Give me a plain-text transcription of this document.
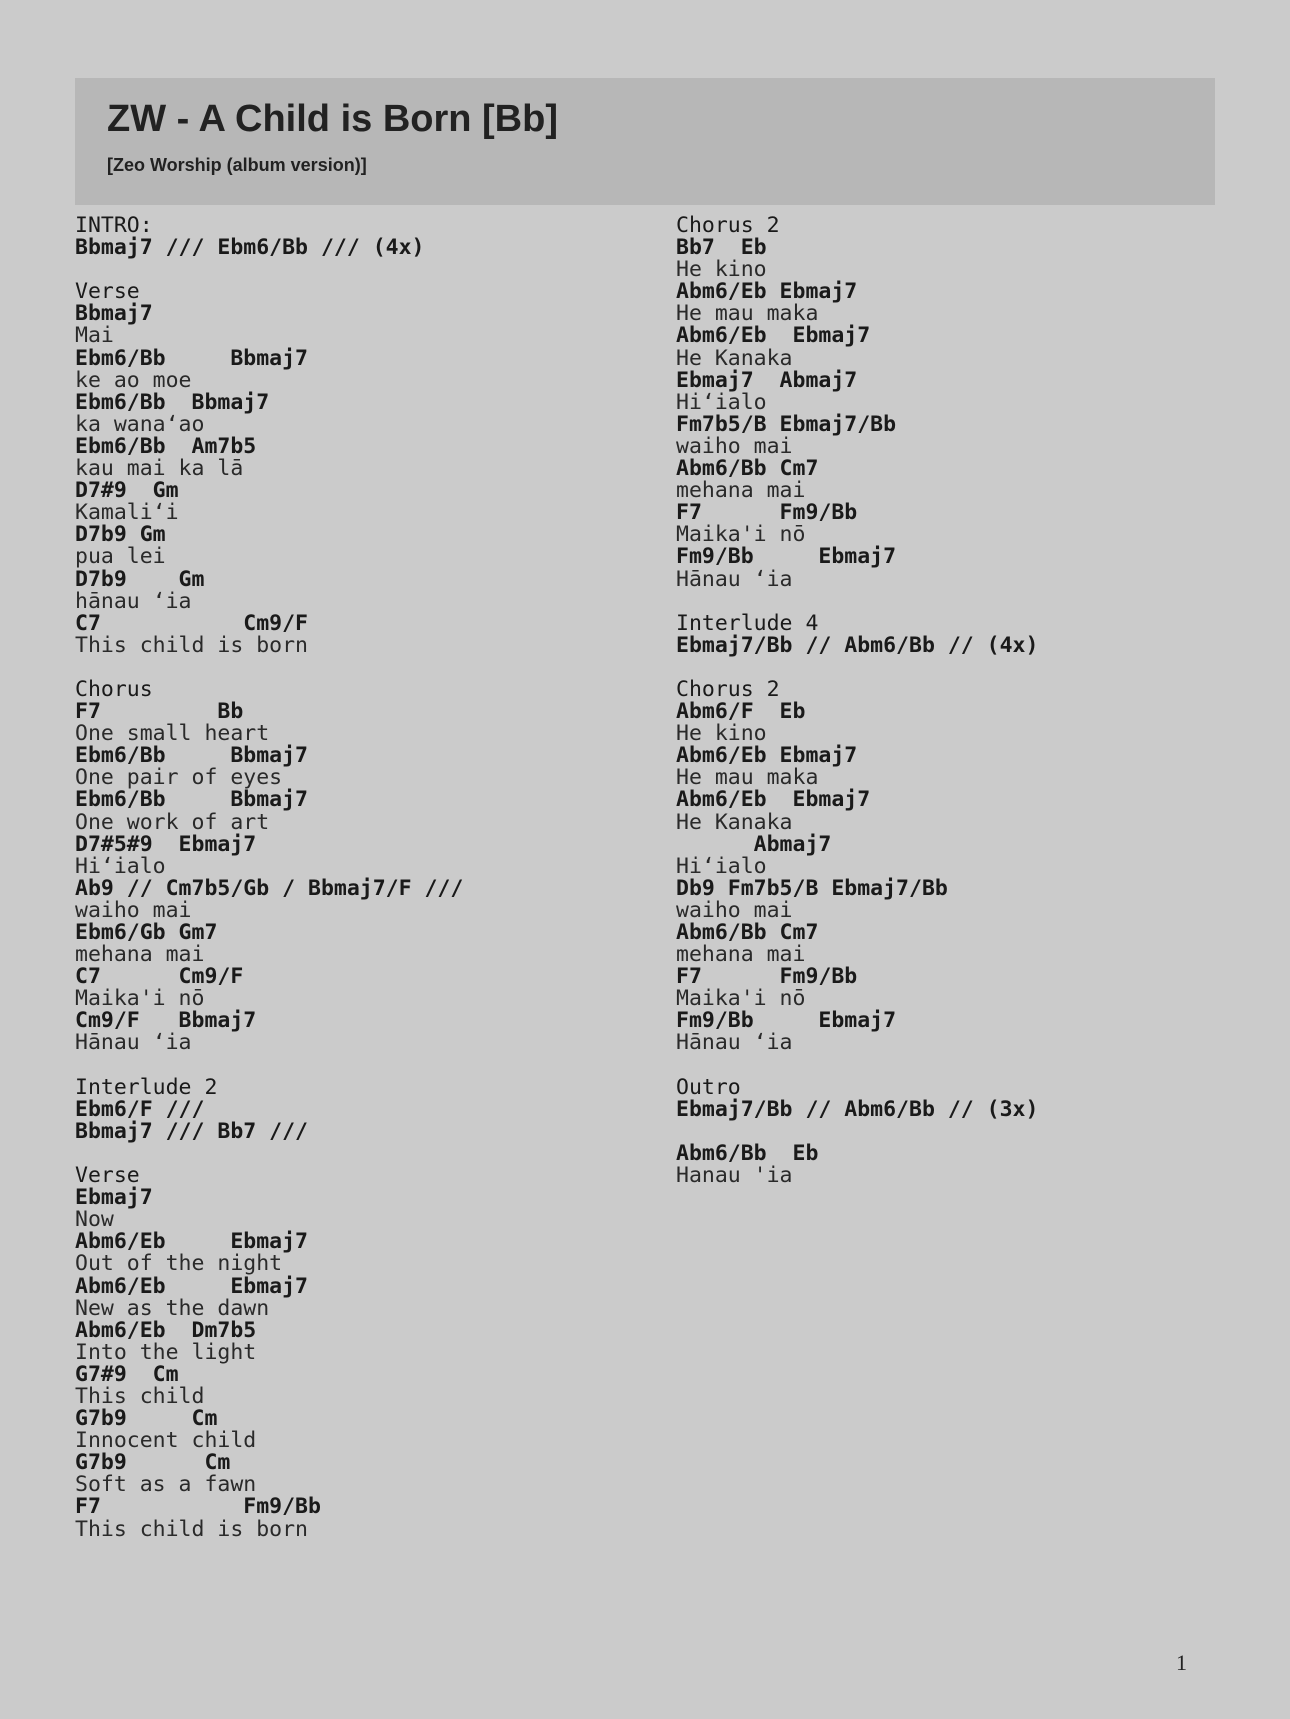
ZW - A Child is Born [Bb]
[Zeo Worship (album version)]
INTRO:
Bbmaj7 /// Ebm6/Bb /// (4x)
Verse
Bbmaj7
Mai
Ebm6/Bb     Bbmaj7
ke ao moe
Ebm6/Bb  Bbmaj7
ka wanaʻao
Ebm6/Bb  Am7b5
kau mai ka lā
D7#9  Gm
Kamaliʻi
D7b9 Gm
pua lei
D7b9    Gm
hānau ʻia
C7           Cm9/F
This child is born
Chorus
F7         Bb
One small heart
Ebm6/Bb     Bbmaj7
One pair of eyes
Ebm6/Bb     Bbmaj7
One work of art
D7#5#9  Ebmaj7
Hiʻialo
Ab9 // Cm7b5/Gb / Bbmaj7/F ///
waiho mai
Ebm6/Gb Gm7
mehana mai
C7      Cm9/F
Maika'i nō
Cm9/F   Bbmaj7
Hānau ʻia
Interlude 2
Ebm6/F ///
Bbmaj7 /// Bb7 ///
Verse
Ebmaj7
Now
Abm6/Eb     Ebmaj7
Out of the night
Abm6/Eb     Ebmaj7
New as the dawn
Abm6/Eb  Dm7b5
Into the light
G7#9  Cm
This child
G7b9     Cm
Innocent child
G7b9      Cm
Soft as a fawn
F7           Fm9/Bb
This child is born
Chorus 2
Bb7  Eb
He kino
Abm6/Eb Ebmaj7
He mau maka
Abm6/Eb  Ebmaj7
He Kanaka
Ebmaj7  Abmaj7
Hiʻialo
Fm7b5/B Ebmaj7/Bb
waiho mai
Abm6/Bb Cm7
mehana mai
F7      Fm9/Bb
Maika'i nō
Fm9/Bb     Ebmaj7
Hānau ʻia
Interlude 4
Ebmaj7/Bb // Abm6/Bb // (4x)
Chorus 2
Abm6/F  Eb
He kino
Abm6/Eb Ebmaj7
He mau maka
Abm6/Eb  Ebmaj7
He Kanaka
Abmaj7
Hiʻialo
Db9 Fm7b5/B Ebmaj7/Bb
waiho mai
Abm6/Bb Cm7
mehana mai
F7      Fm9/Bb
Maika'i nō
Fm9/Bb     Ebmaj7
Hānau ʻia
Outro
Ebmaj7/Bb // Abm6/Bb // (3x)
Abm6/Bb  Eb
Hanau 'ia
1
